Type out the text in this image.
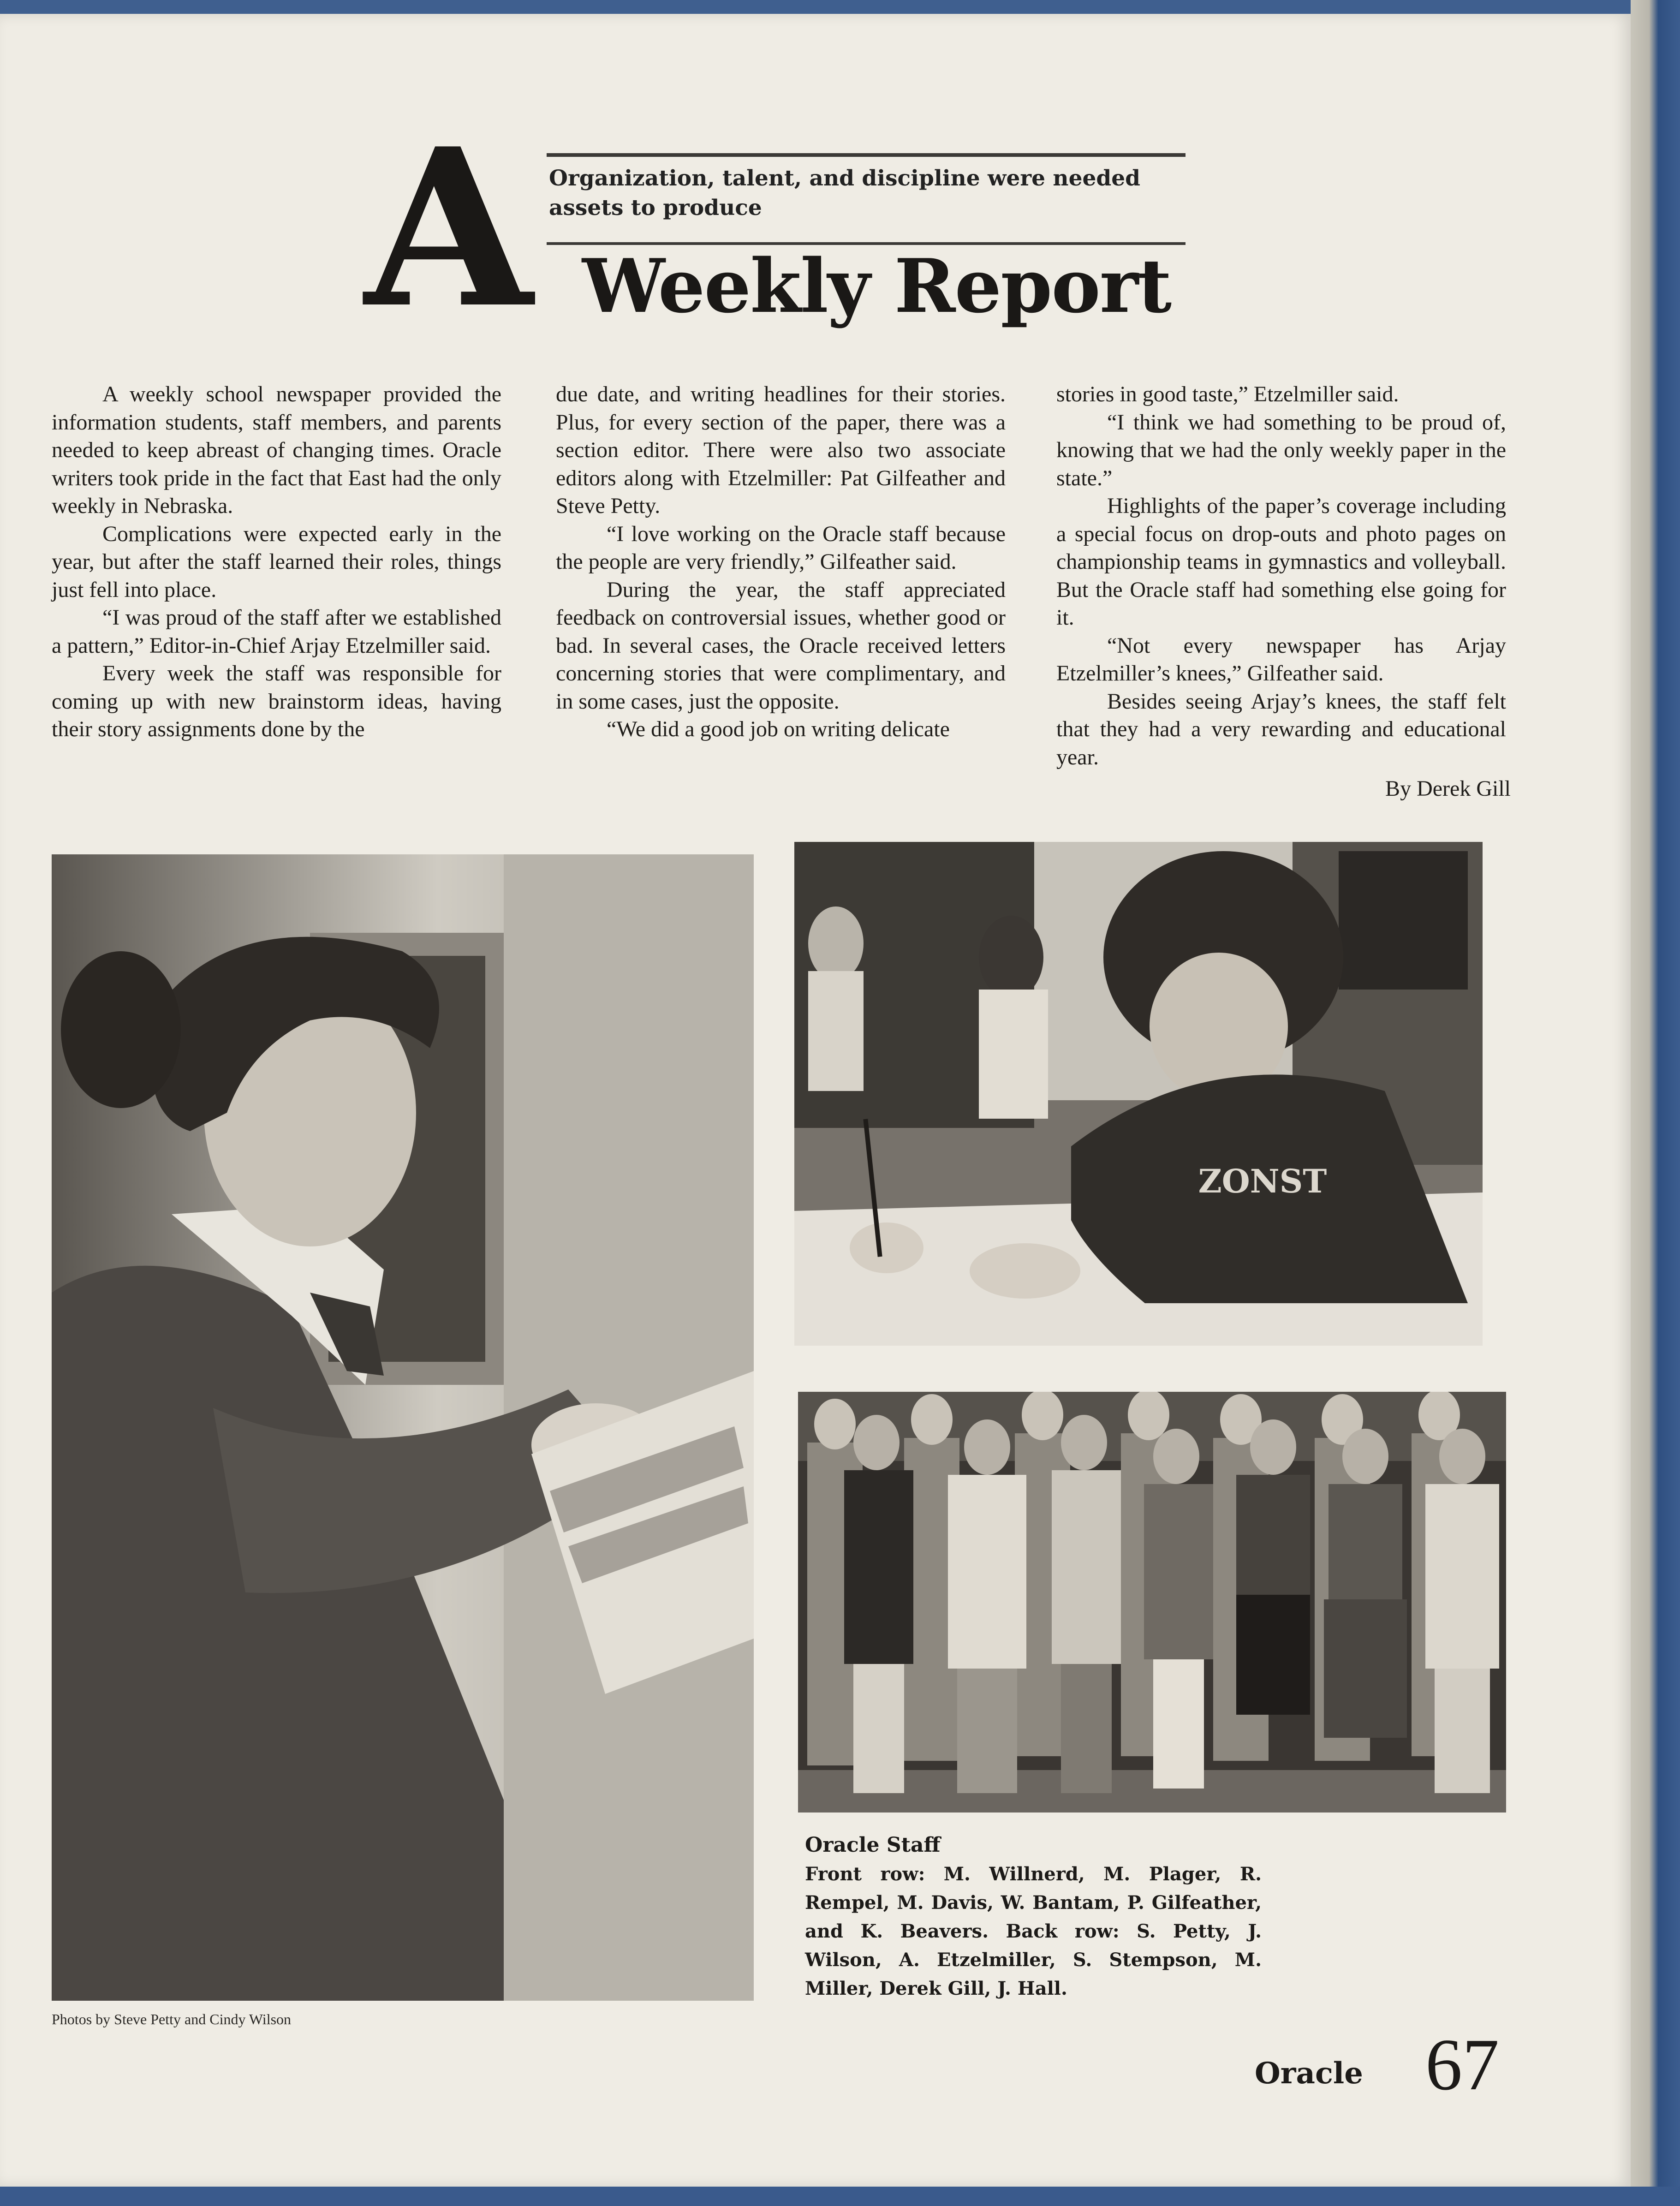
A Organization, talent, and discipline were needed assets to produce
Weekly Report

A weekly school newspaper provided the information students, staff members, and parents needed to keep abreast of changing times. Oracle writers took pride in the fact that East had the only weekly in Nebraska.

Complications were expected early in the year, but after the staff learned their roles, things just fell into place.

“I was proud of the staff after we established a pattern,” Editor-in-Chief Arjay Etzelmiller said.

Every week the staff was responsible for coming up with new brainstorm ideas, having their story assignments done by the

due date, and writing headlines for their stories. Plus, for every section of the paper, there was a section editor. There were also two associate editors along with Etzelmiller: Pat Gilfeather and Steve Petty.

“I love working on the Oracle staff because the people are very friendly,” Gilfeather said.

During the year, the staff appreciated feedback on controversial issues, whether good or bad. In several cases, the Oracle received letters concerning stories that were complimentary, and in some cases, just the opposite.

“We did a good job on writing delicate

stories in good taste,” Etzelmiller said.

“I think we had something to be proud of, knowing that we had the only weekly paper in the state.”

Highlights of the paper’s coverage including a special focus on drop-outs and photo pages on championship teams in gymnastics and volleyball. But the Oracle staff had something else going for it.

“Not every newspaper has Arjay Etzelmiller’s knees,” Gilfeather said.

Besides seeing Arjay’s knees, the staff felt that they had a very rewarding and educational year.

By Derek Gill
ZONST
Oracle Staff
Front row: M. Willnerd, M. Plager, R. Rempel, M. Davis, W. Bantam, P. Gilfeather, and K. Beavers. Back row: S. Petty, J. Wilson, A. Etzelmiller, S. Stempson, M. Miller, Derek Gill, J. Hall.
Photos by Steve Petty and Cindy Wilson
Oracle 67
